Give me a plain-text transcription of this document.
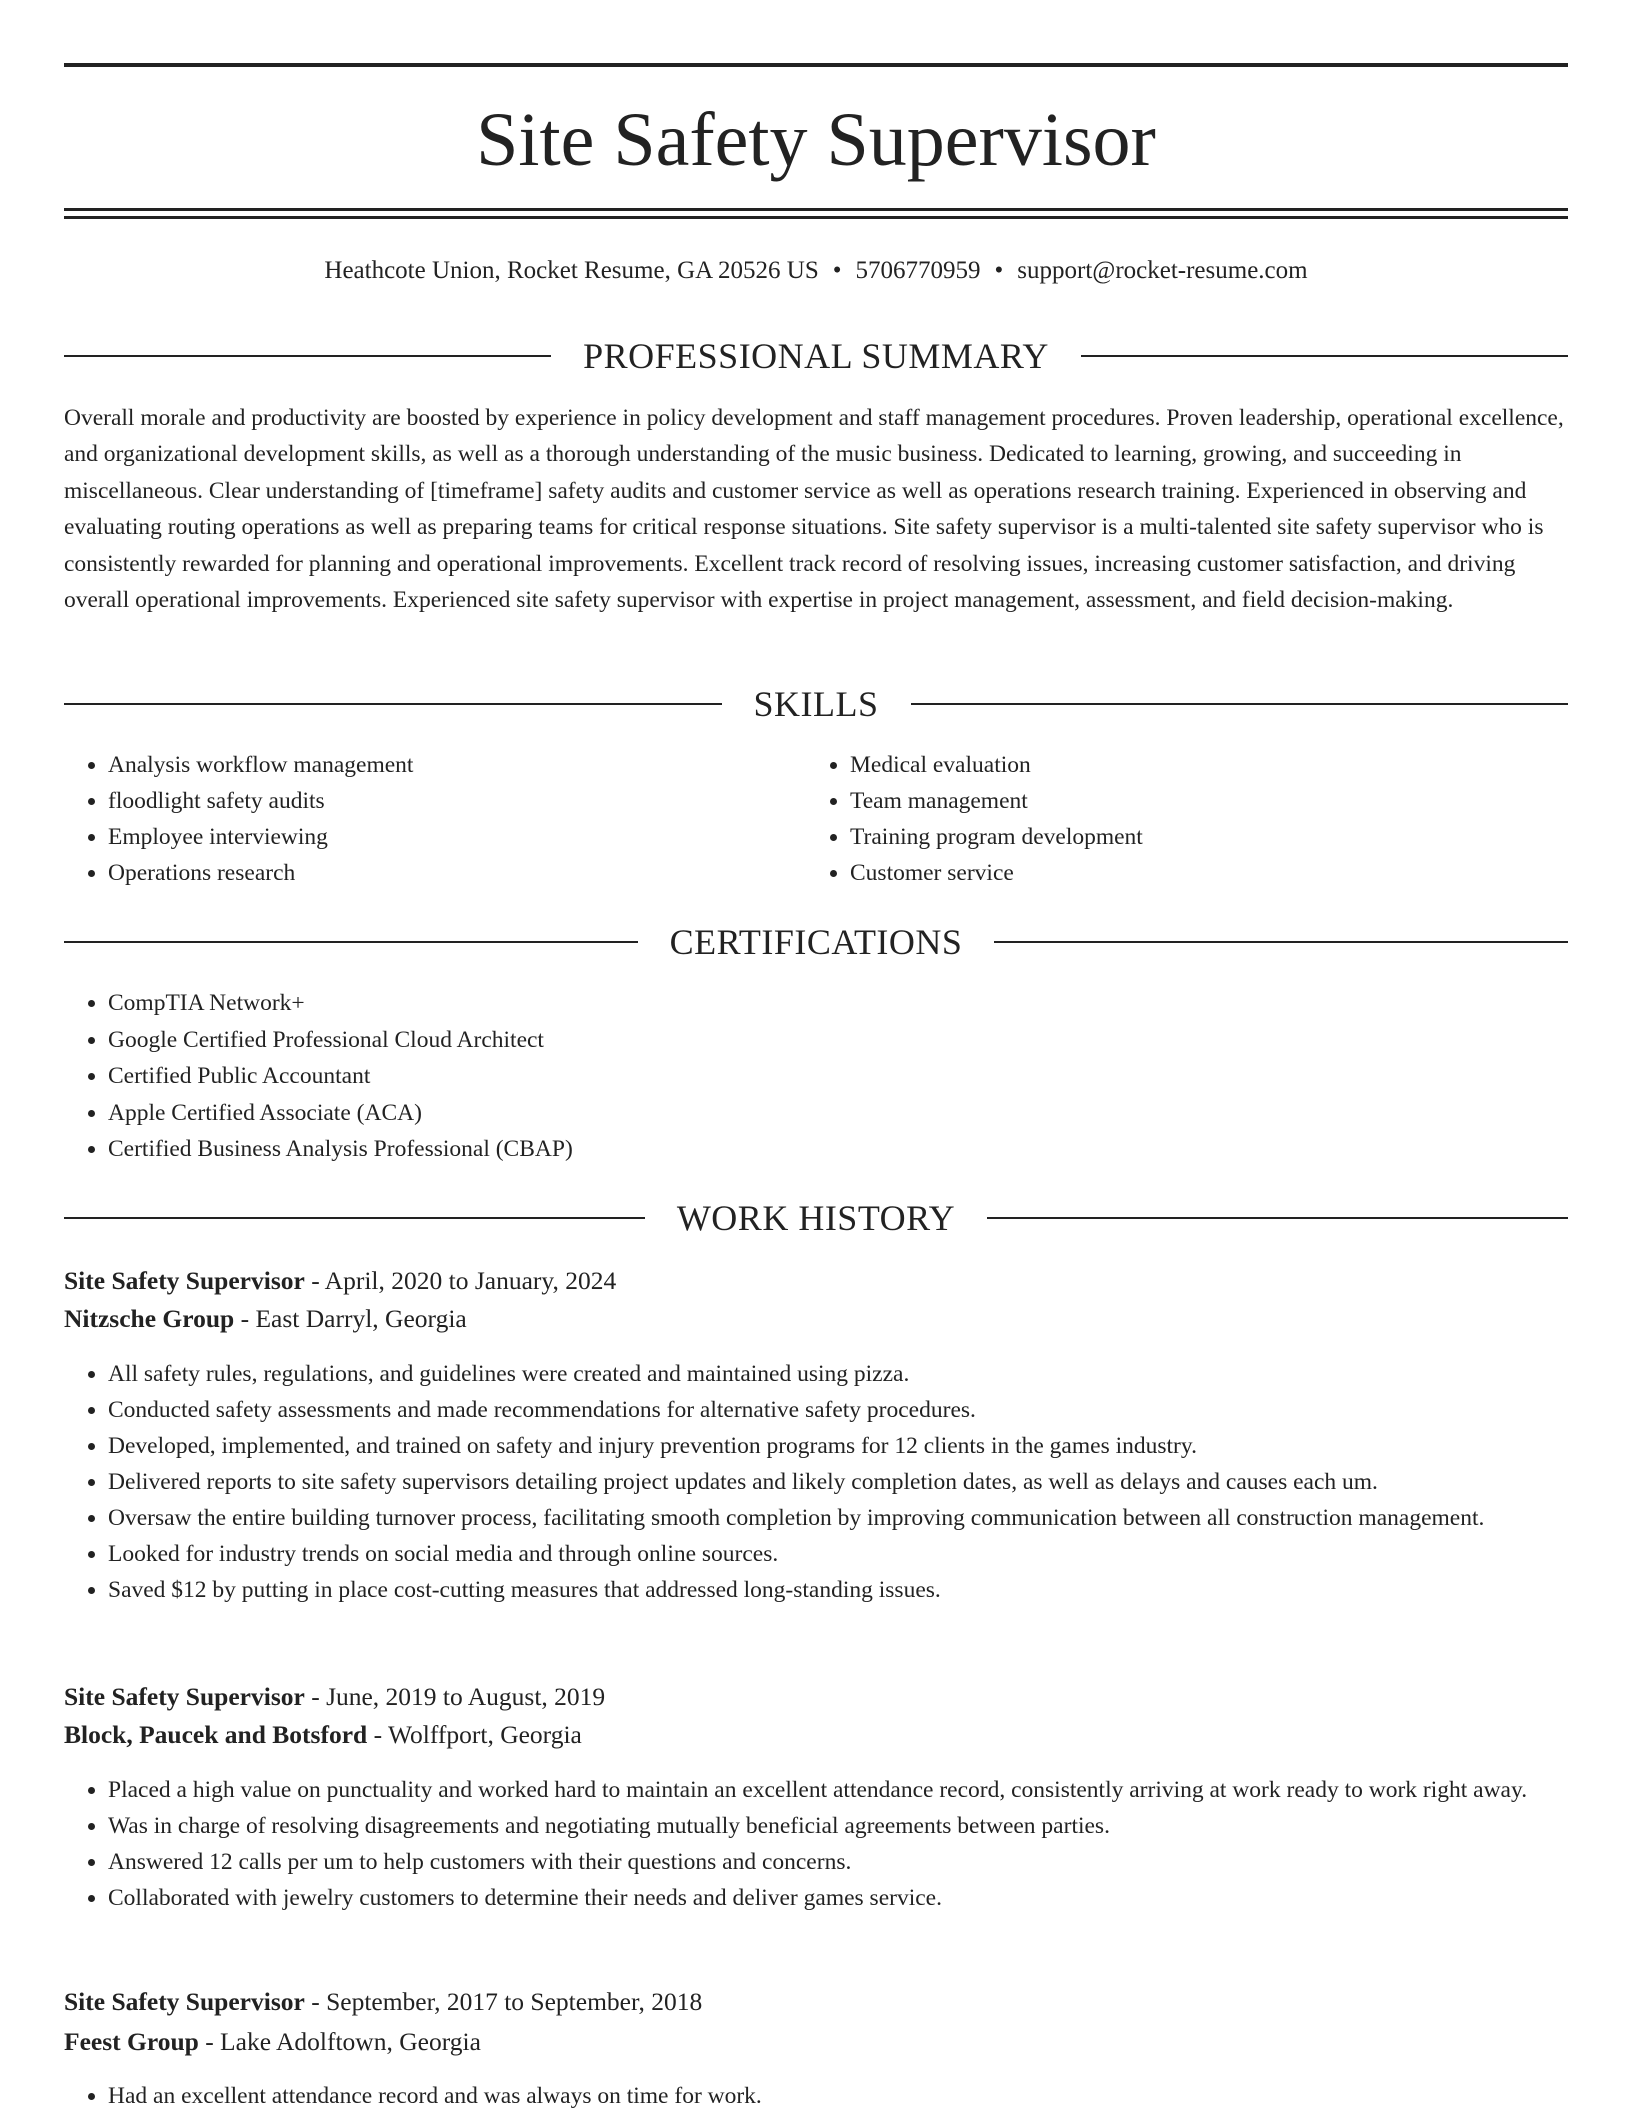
Site Safety Supervisor
Heathcote Union, Rocket Resume, GA 20526 US • 5706770959 • support@rocket-resume.com
PROFESSIONAL SUMMARY

Overall morale and productivity are boosted by experience in policy development and staff management procedures. Proven leadership, operational excellence, and organizational development skills, as well as a thorough understanding of the music business. Dedicated to learning, growing, and succeeding in miscellaneous. Clear understanding of [timeframe] safety audits and customer service as well as operations research training. Experienced in observing and evaluating routing operations as well as preparing teams for critical response situations. Site safety supervisor is a multi-talented site safety supervisor who is consistently rewarded for planning and operational improvements. Excellent track record of resolving issues, increasing customer satisfaction, and driving overall operational improvements. Experienced site safety supervisor with expertise in project management, assessment, and field decision-making.

SKILLS
• Analysis workflow management
• floodlight safety audits
• Employee interviewing
• Operations research
• Medical evaluation
• Team management
• Training program development
• Customer service
CERTIFICATIONS
• CompTIA Network+
• Google Certified Professional Cloud Architect
• Certified Public Accountant
• Apple Certified Associate (ACA)
• Certified Business Analysis Professional (CBAP)
WORK HISTORY
Site Safety Supervisor - April, 2020 to January, 2024
Nitzsche Group - East Darryl, Georgia
• All safety rules, regulations, and guidelines were created and maintained using pizza.
• Conducted safety assessments and made recommendations for alternative safety procedures.
• Developed, implemented, and trained on safety and injury prevention programs for 12 clients in the games industry.
• Delivered reports to site safety supervisors detailing project updates and likely completion dates, as well as delays and causes each um.
• Oversaw the entire building turnover process, facilitating smooth completion by improving communication between all construction management.
• Looked for industry trends on social media and through online sources.
• Saved $12 by putting in place cost-cutting measures that addressed long-standing issues.
Site Safety Supervisor - June, 2019 to August, 2019
Block, Paucek and Botsford - Wolffport, Georgia
• Placed a high value on punctuality and worked hard to maintain an excellent attendance record, consistently arriving at work ready to work right away.
• Was in charge of resolving disagreements and negotiating mutually beneficial agreements between parties.
• Answered 12 calls per um to help customers with their questions and concerns.
• Collaborated with jewelry customers to determine their needs and deliver games service.
Site Safety Supervisor - September, 2017 to September, 2018
Feest Group - Lake Adolftown, Georgia
• Had an excellent attendance record and was always on time for work.
